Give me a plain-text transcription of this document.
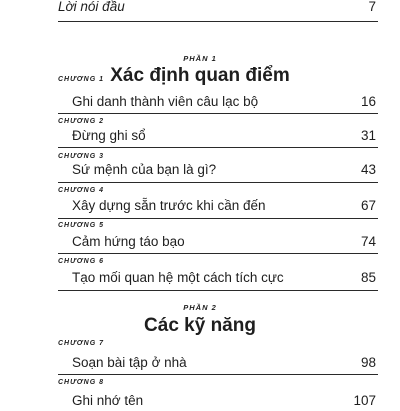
Lời nói đầu	7
PHẦN 1
Xác định quan điểm
CHƯƠNG 1
Ghi danh thành viên câu lạc bộ	16
CHƯƠNG 2
Đừng ghi sổ	31
CHƯƠNG 3
Sứ mệnh của bạn là gì?	43
CHƯƠNG 4
Xây dựng sẵn trước khi cần đến	67
CHƯƠNG 5
Cảm hứng táo bạo	74
CHƯƠNG 6
Tạo mối quan hệ một cách tích cực	85
PHẦN 2
Các kỹ năng
CHƯƠNG 7
Soạn bài tập ở nhà	98
CHƯƠNG 8
Ghi nhớ tên	107
